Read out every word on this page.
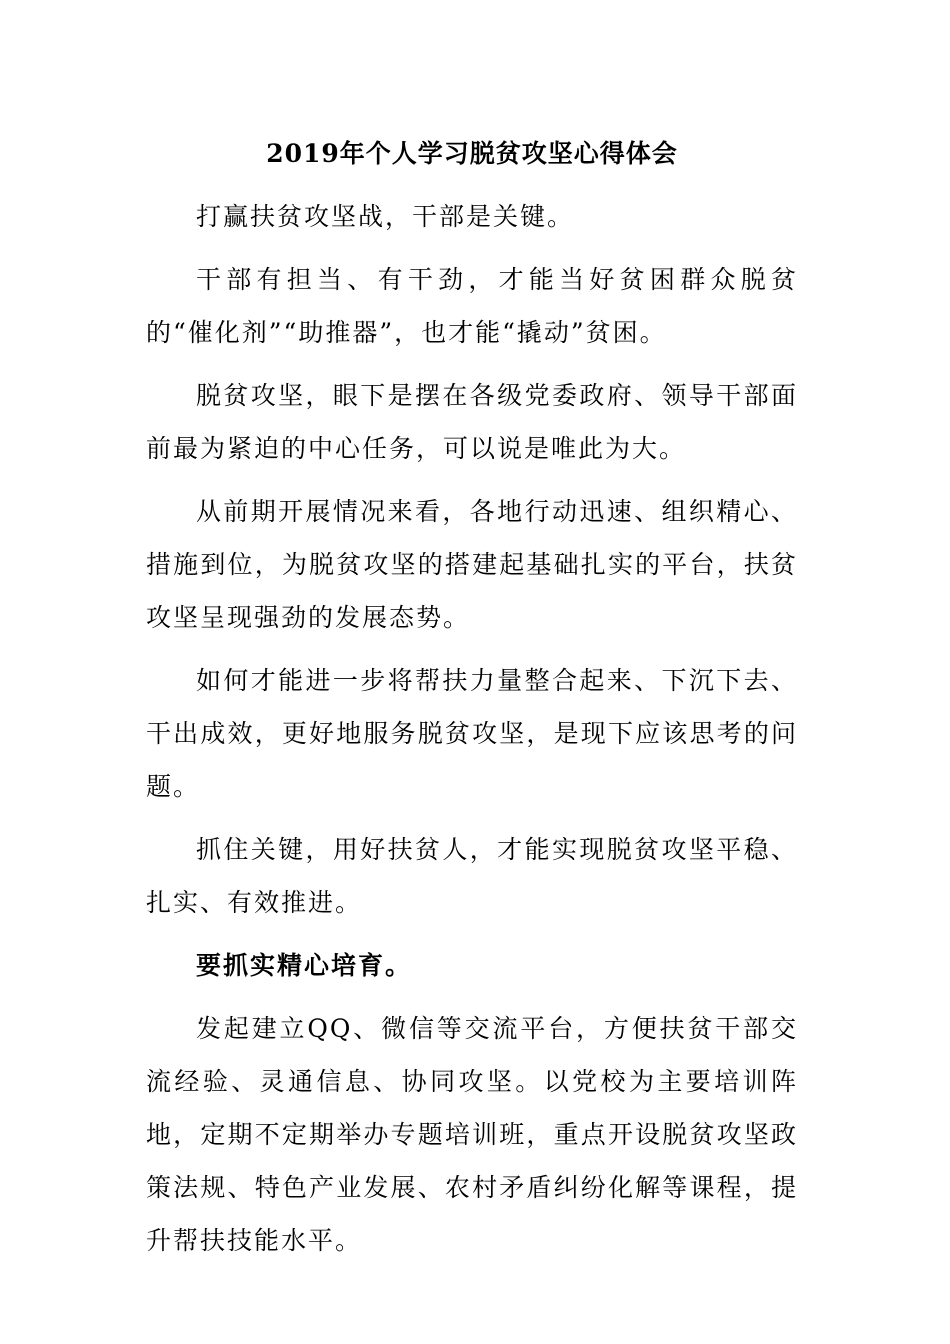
2019年个人学习脱贫攻坚心得体会

打赢扶贫攻坚战，干部是关键。

干部有担当、有干劲，才能当好贫困群众脱贫的“催化剂”“助推器”，也才能“撬动”贫困。

脱贫攻坚，眼下是摆在各级党委政府、领导干部面前最为紧迫的中心任务，可以说是唯此为大。

从前期开展情况来看，各地行动迅速、组织精心、措施到位，为脱贫攻坚的搭建起基础扎实的平台，扶贫攻坚呈现强劲的发展态势。

如何才能进一步将帮扶力量整合起来、下沉下去、干出成效，更好地服务脱贫攻坚，是现下应该思考的问题。

抓住关键，用好扶贫人，才能实现脱贫攻坚平稳、扎实、有效推进。

要抓实精心培育。

发起建立QQ、微信等交流平台，方便扶贫干部交流经验、灵通信息、协同攻坚。以党校为主要培训阵地，定期不定期举办专题培训班，重点开设脱贫攻坚政策法规、特色产业发展、农村矛盾纠纷化解等课程，提升帮扶技能水平。
